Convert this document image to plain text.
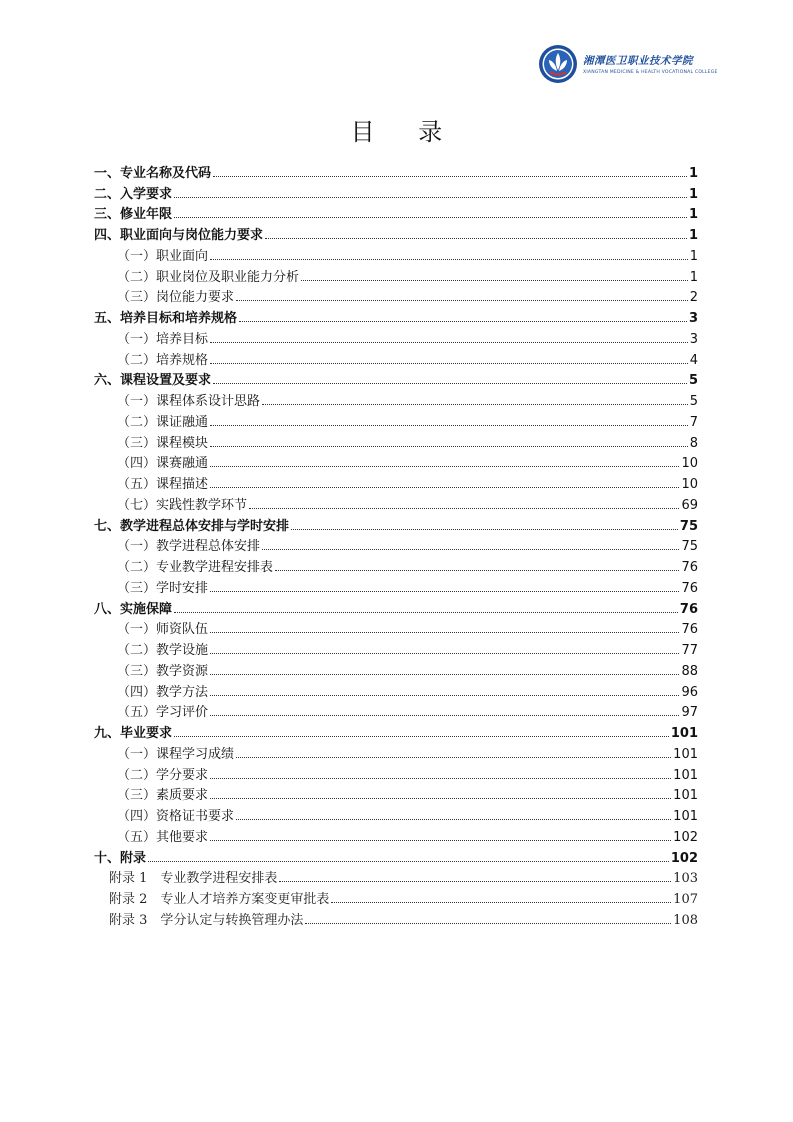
湘潭医卫职业技术学院
XIANGTAN MEDICINE & HEALTH VOCATIONAL COLLEGE
目 录
一、专业名称及代码	1
二、入学要求	1
三、修业年限	1
四、职业面向与岗位能力要求	1
（一）职业面向	1
（二）职业岗位及职业能力分析	1
（三）岗位能力要求	2
五、培养目标和培养规格	3
（一）培养目标	3
（二）培养规格	4
六、课程设置及要求	5
（一）课程体系设计思路	5
（二）课证融通	7
（三）课程模块	8
（四）课赛融通	10
（五）课程描述	10
（七）实践性教学环节	69
七、教学进程总体安排与学时安排	75
（一）教学进程总体安排	75
（二）专业教学进程安排表	76
（三）学时安排	76
八、实施保障	76
（一）师资队伍	76
（二）教学设施	77
（三）教学资源	88
（四）教学方法	96
（五）学习评价	97
九、毕业要求	101
（一）课程学习成绩	101
（二）学分要求	101
（三）素质要求	101
（四）资格证书要求	101
（五）其他要求	102
十、附录	102
附录 1　专业教学进程安排表	103
附录 2　专业人才培养方案变更审批表	107
附录 3　学分认定与转换管理办法	108
